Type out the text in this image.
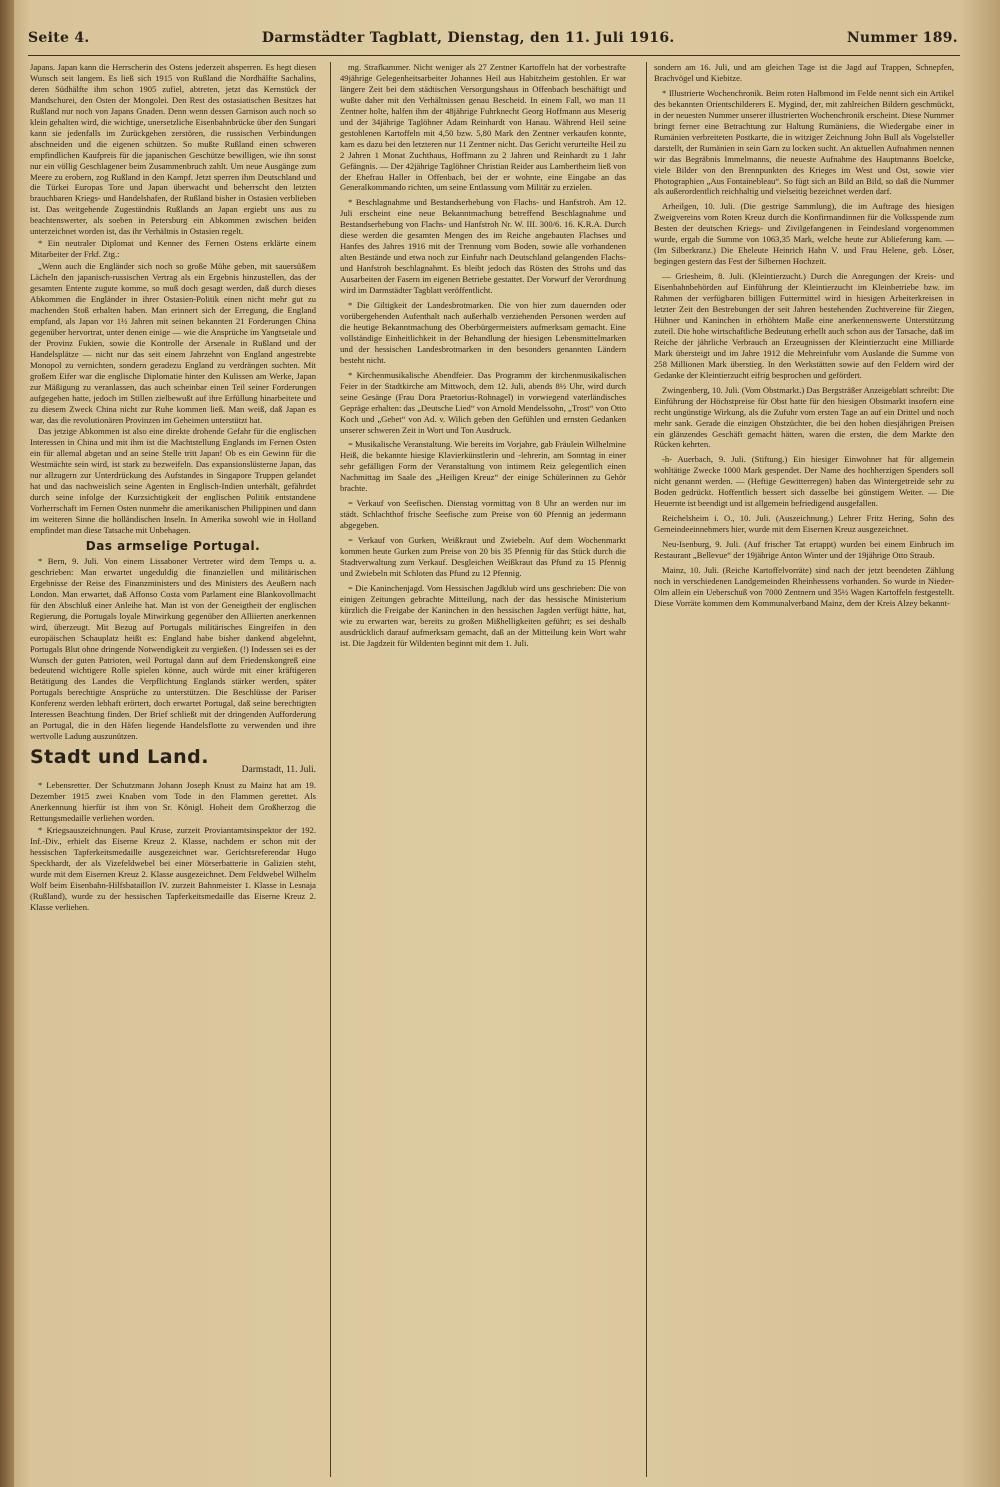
Seite 4.	Darmstädter Tagblatt, Dienstag, den 11. Juli 1916.	Nummer 189.

Japans. Japan kann die Herrscherin des Ostens jederzeit absperren. Es hegt diesen Wunsch seit langem. Es ließ sich 1915 von Rußland die Nordhälfte Sachalins, deren Südhälfte ihm schon 1905 zufiel, abtreten, jetzt das Kernstück der Mandschurei, den Osten der Mongolei. Den Rest des ostasiatischen Besitzes hat Rußland nur noch von Japans Gnaden. Denn wenn dessen Garnison auch noch so klein gehalten wird, die wichtige, unersetzliche Eisenbahnbrücke über den Sungari kann sie jedenfalls im Zurückgehen zerstören, die russischen Verbindungen abschneiden und die eigenen schützen. So mußte Rußland einen schweren empfindlichen Kaufpreis für die japanischen Geschütze bewilligen, wie ihn sonst nur ein völlig Geschlagener beim Zusammenbruch zahlt. Um neue Ausgänge zum Meere zu erobern, zog Rußland in den Kampf. Jetzt sperren ihm Deutschland und die Türkei Europas Tore und Japan überwacht und beherrscht den letzten brauchbaren Kriegs- und Handelshafen, der Rußland bisher in Ostasien verblieben ist. Das weitgehende Zugeständnis Rußlands an Japan ergiebt uns aus zu beachtenswerter, als soeben in Petersburg ein Abkommen zwischen beiden unterzeichnet worden ist, das ihr Verhältnis in Ostasien regelt.

* Ein neutraler Diplomat und Kenner des Fernen Ostens erklärte einem Mitarbeiter der Frkf. Ztg.:

„Wenn auch die Engländer sich noch so große Mühe geben, mit sauersüßem Lächeln den japanisch-russischen Vertrag als ein Ergebnis hinzustellen, das der gesamten Entente zugute komme, so muß doch gesagt werden, daß durch dieses Abkommen die Engländer in ihrer Ostasien-Politik einen nicht mehr gut zu machenden Stoß erhalten haben. Man erinnert sich der Erregung, die England empfand, als Japan vor 1½ Jahren mit seinen bekannten 21 Forderungen China gegenüber hervortrat, unter denen einige — wie die Ansprüche im Yangtsetale und der Provinz Fukien, sowie die Kontrolle der Arsenale in Rußland und der Handelsplätze — nicht nur das seit einem Jahrzehnt von England angestrebte Monopol zu vernichten, sondern geradezu England zu verdrängen suchten. Mit großem Eifer war die englische Diplomatie hinter den Kulissen am Werke, Japan zur Mäßigung zu veranlassen, das auch scheinbar einen Teil seiner Forderungen aufgegeben hatte, jedoch im Stillen zielbewußt auf ihre Erfüllung hinarbeitete und zu diesem Zweck China nicht zur Ruhe kommen ließ. Man weiß, daß Japan es war, das die revolutionären Provinzen im Geheimen unterstützt hat.

Das jetzige Abkommen ist also eine direkte drohende Gefahr für die englischen Interessen in China und mit ihm ist die Machtstellung Englands im Fernen Osten ein für allemal abgetan und an seine Stelle tritt Japan! Ob es ein Gewinn für die Westmächte sein wird, ist stark zu bezweifeln. Das expansionslüsterne Japan, das nur allzugern zur Unterdrückung des Aufstandes in Singapore Truppen gelandet hat und das nachweislich seine Agenten in Englisch-Indien unterhält, gefährdet durch seine infolge der Kurzsichtigkeit der englischen Politik entstandene Vorherrschaft im Fernen Osten nunmehr die amerikanischen Philippinen und dann im weiteren Sinne die holländischen Inseln. In Amerika sowohl wie in Holland empfindet man diese Tatsache mit Unbehagen.

Das armselige Portugal.

* Bern, 9. Juli. Von einem Lissaboner Vertreter wird dem Temps u. a. geschrieben: Man erwartet ungeduldig die finanziellen und militärischen Ergebnisse der Reise des Finanzministers und des Ministers des Aeußern nach London. Man erwartet, daß Affonso Costa vom Parlament eine Blankovollmacht für den Abschluß einer Anleihe hat. Man ist von der Geneigtheit der englischen Regierung, die Portugals loyale Mitwirkung gegenüber den Alliierten anerkennen wird, überzeugt. Mit Bezug auf Portugals militärisches Eingreifen in den europäischen Schauplatz heißt es: England habe bisher dankend abgelehnt, Portugals Blut ohne dringende Notwendigkeit zu vergießen. (!) Indessen sei es der Wunsch der guten Patrioten, weil Portugal dann auf dem Friedenskongreß eine bedeutend wichtigere Rolle spielen könne, auch würde mit einer kräftigeren Betätigung des Landes die Verpflichtung Englands stärker werden, später Portugals berechtigte Ansprüche zu unterstützen. Die Beschlüsse der Pariser Konferenz werden lebhaft erörtert, doch erwartet Portugal, daß seine berechtigten Interessen Beachtung finden. Der Brief schließt mit der dringenden Aufforderung an Portugal, die in den Häfen liegende Handelsflotte zu verwenden und ihre wertvolle Ladung auszunützen.

Stadt und Land.
Darmstadt, 11. Juli.

* Lebensretter. Der Schutzmann Johann Joseph Knust zu Mainz hat am 19. Dezember 1915 zwei Knaben vom Tode in den Flammen gerettet. Als Anerkennung hierfür ist ihm von Sr. Königl. Hoheit dem Großherzog die Rettungsmedaille verliehen worden.

* Kriegsauszeichnungen. Paul Kruse, zurzeit Proviantamtsinspektor der 192. Inf.-Div., erhielt das Eiserne Kreuz 2. Klasse, nachdem er schon mit der hessischen Tapferkeitsmedaille ausgezeichnet war. Gerichtsreferendar Hugo Speckhardt, der als Vizefeldwebel bei einer Mörserbatterie in Galizien steht, wurde mit dem Eisernen Kreuz 2. Klasse ausgezeichnet. Dem Feldwebel Wilhelm Wolf beim Eisenbahn-Hilfsbataillon IV. zurzeit Bahnmeister 1. Klasse in Lesnaja (Rußland), wurde zu der hessischen Tapferkeitsmedaille das Eiserne Kreuz 2. Klasse verliehen.

mg. Strafkammer. Nicht weniger als 27 Zentner Kartoffeln hat der vorbestrafte 49jährige Gelegenheitsarbeiter Johannes Heil aus Habitzheim gestohlen. Er war längere Zeit bei dem städtischen Versorgungshaus in Offenbach beschäftigt und wußte daher mit den Verhältnissen genau Bescheid. In einem Fall, wo man 11 Zentner holte, halfen ihm der 48jährige Fuhrknecht Georg Hoffmann aus Meserig und der 34jährige Taglöhner Adam Reinhardt von Hanau. Während Heil seine gestohlenen Kartoffeln mit 4,50 bzw. 5,80 Mark den Zentner verkaufen konnte, kam es dazu bei den letzteren nur 11 Zentner nicht. Das Gericht verurteilte Heil zu 2 Jahren 1 Monat Zuchthaus, Hoffmann zu 2 Jahren und Reinhardt zu 1 Jahr Gefängnis. — Der 42jährige Taglöhner Christian Reider aus Lambertheim ließ von der Ehefrau Haller in Offenbach, bei der er wohnte, eine Eingabe an das Generalkommando richten, um seine Entlassung vom Militär zu erzielen.

* Beschlagnahme und Bestandserhebung von Flachs- und Hanfstroh. Am 12. Juli erscheint eine neue Bekanntmachung betreffend Beschlagnahme und Bestandserhebung von Flachs- und Hanfstroh Nr. W. III. 300/6. 16. K.R.A. Durch diese werden die gesamten Mengen des im Reiche angebauten Flachses und Hanfes des Jahres 1916 mit der Trennung vom Boden, sowie alle vorhandenen alten Bestände und etwa noch zur Einfuhr nach Deutschland gelangenden Flachs- und Hanfstroh beschlagnahmt. Es bleibt jedoch das Rösten des Strohs und das Ausarbeiten der Fasern im eigenen Betriebe gestattet. Der Vorwurf der Verordnung wird im Darmstädter Tagblatt veröffentlicht.

* Die Giltigkeit der Landesbrotmarken. Die von hier zum dauernden oder vorübergehenden Aufenthalt nach außerhalb verziehenden Personen werden auf die heutige Bekanntmachung des Oberbürgermeisters aufmerksam gemacht. Eine vollständige Einheitlichkeit in der Behandlung der hiesigen Lebensmittelmarken und der hessischen Landesbrotmarken in den besonders genannten Ländern besteht nicht.

* Kirchenmusikalische Abendfeier. Das Programm der kirchenmusikalischen Feier in der Stadtkirche am Mittwoch, dem 12. Juli, abends 8½ Uhr, wird durch seine Gesänge (Frau Dora Praetorius-Rohnagel) in vorwiegend vaterländisches Gepräge erhalten: das „Deutsche Lied“ von Arnold Mendelssohn, „Trost“ von Otto Koch und „Gebet“ von Ad. v. Wilich geben den Gefühlen und ernsten Gedanken unserer schweren Zeit in Wort und Ton Ausdruck.

= Musikalische Veranstaltung. Wie bereits im Vorjahre, gab Fräulein Wilhelmine Heiß, die bekannte hiesige Klavierkünstlerin und -lehrerin, am Sonntag in einer sehr gefälligen Form der Veranstaltung von intimem Reiz gelegentlich einen Nachmittag im Saale des „Heiligen Kreuz“ der einige Schülerinnen zu Gehör brachte.

= Verkauf von Seefischen. Dienstag vormittag von 8 Uhr an werden nur im städt. Schlachthof frische Seefische zum Preise von 60 Pfennig an jedermann abgegeben.

= Verkauf von Gurken, Weißkraut und Zwiebeln. Auf dem Wochenmarkt kommen heute Gurken zum Preise von 20 bis 35 Pfennig für das Stück durch die Stadtverwaltung zum Verkauf. Desgleichen Weißkraut das Pfund zu 15 Pfennig und Zwiebeln mit Schloten das Pfund zu 12 Pfennig.

= Die Kaninchenjagd. Vom Hessischen Jagdklub wird uns geschrieben: Die von einigen Zeitungen gebrachte Mitteilung, nach der das hessische Ministerium kürzlich die Freigabe der Kaninchen in den hessischen Jagden verfügt hätte, hat, wie zu erwarten war, bereits zu großen Mißhelligkeiten geführt; es sei deshalb ausdrücklich darauf aufmerksam gemacht, daß an der Mitteilung kein Wort wahr ist. Die Jagdzeit für Wildenten beginnt mit dem 1. Juli.

sondern am 16. Juli, und am gleichen Tage ist die Jagd auf Trappen, Schnepfen, Brachvögel und Kiebitze.

* Illustrierte Wochenchronik. Beim roten Halbmond im Felde nennt sich ein Artikel des bekannten Orientschilderers E. Mygind, der, mit zahlreichen Bildern geschmückt, in der neuesten Nummer unserer illustrierten Wochenchronik erscheint. Diese Nummer bringt ferner eine Betrachtung zur Haltung Rumäniens, die Wiedergabe einer in Rumänien verbreiteten Postkarte, die in witziger Zeichnung John Bull als Vogelsteller darstellt, der Rumänien in sein Garn zu locken sucht. An aktuellen Aufnahmen nennen wir das Begräbnis Immelmanns, die neueste Aufnahme des Hauptmanns Boelcke, viele Bilder von den Brennpunkten des Krieges im West und Ost, sowie vier Photographien „Aus Fontainebleau“. So fügt sich an Bild an Bild, so daß die Nummer als außerordentlich reichhaltig und vielseitig bezeichnet werden darf.

Arheilgen, 10. Juli. (Die gestrige Sammlung), die im Auftrage des hiesigen Zweigvereins vom Roten Kreuz durch die Konfirmandinnen für die Volksspende zum Besten der deutschen Kriegs- und Zivilgefangenen in Feindesland vorgenommen wurde, ergab die Summe von 1063,35 Mark, welche heute zur Ablieferung kam. — (Im Silberkranz.) Die Eheleute Heinrich Hahn V. und Frau Helene, geb. Löser, begingen gestern das Fest der Silbernen Hochzeit.

— Griesheim, 8. Juli. (Kleintierzucht.) Durch die Anregungen der Kreis- und Eisenbahnbehörden auf Einführung der Kleintierzucht im Kleinbetriebe bzw. im Rahmen der verfügbaren billigen Futtermittel wird in hiesigen Arbeiterkreisen in letzter Zeit den Bestrebungen der seit Jahren bestehenden Zuchtvereine für Ziegen, Hühner und Kaninchen in erhöhtem Maße eine anerkennenswerte Unterstützung zuteil. Die hohe wirtschaftliche Bedeutung erhellt auch schon aus der Tatsache, daß im Reiche der jährliche Verbrauch an Erzeugnissen der Kleintierzucht eine Milliarde Mark übersteigt und im Jahre 1912 die Mehreinfuhr vom Auslande die Summe von 258 Millionen Mark überstieg. In den Werkstätten sowie auf den Feldern wird der Gedanke der Kleintierzucht eifrig besprochen und gefördert.

Zwingenberg, 10. Juli. (Vom Obstmarkt.) Das Bergsträßer Anzeigeblatt schreibt: Die Einführung der Höchstpreise für Obst hatte für den hiesigen Obstmarkt insofern eine recht ungünstige Wirkung, als die Zufuhr vom ersten Tage an auf ein Drittel und noch mehr sank. Gerade die einzigen Obstzüchter, die bei den hohen diesjährigen Preisen ein glänzendes Geschäft gemacht hätten, waren die ersten, die dem Markte den Rücken kehrten.

-h- Auerbach, 9. Juli. (Stiftung.) Ein hiesiger Einwohner hat für allgemein wohltätige Zwecke 1000 Mark gespendet. Der Name des hochherzigen Spenders soll nicht genannt werden. — (Heftige Gewitterregen) haben das Wintergetreide sehr zu Boden gedrückt. Hoffentlich bessert sich dasselbe bei günstigem Wetter. — Die Heuernte ist beendigt und ist allgemein befriedigend ausgefallen.

Reichelsheim i. O., 10. Juli. (Auszeichnung.) Lehrer Fritz Hering, Sohn des Gemeindeeinnehmers hier, wurde mit dem Eisernen Kreuz ausgezeichnet.

Neu-Isenburg, 9. Juli. (Auf frischer Tat ertappt) wurden bei einem Einbruch im Restaurant „Bellevue“ der 19jährige Anton Winter und der 19jährige Otto Straub.

Mainz, 10. Juli. (Reiche Kartoffelvorräte) sind nach der jetzt beendeten Zählung noch in verschiedenen Landgemeinden Rheinhessens vorhanden. So wurde in Nieder-Olm allein ein Ueberschuß von 7000 Zentnern und 35½ Wagen Kartoffeln festgestellt. Diese Vorräte kommen dem Kommunalverband Mainz, dem der Kreis Alzey bekannt-
